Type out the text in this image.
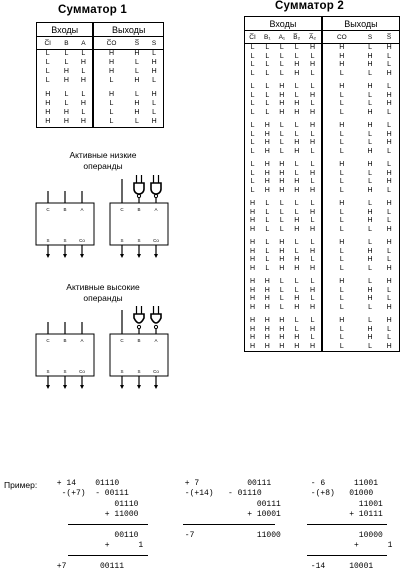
Сумматор 1
Входы			Выходы		
C̅I	B	A	C̅O	S̅	S
L	L	L	H	H	L
L	L	H	H	L	H
L	H	L	H	L	H
L	H	H	L	H	L
H	L	L	H	L	H
H	L	H	L	H	L
H	H	L	L	H	L
H	H	H	L	L	H
Активные низкие
операнды
C	B	A
S	S	Co
C	B	A
S	S	Co
Активные высокие
операнды
C	B	A
S	S	Co
C	B	A
S	S	Co
Сумматор 2
Входы					Выходы		
C̅I	B₁	A₁	B̅₂	A̅₂	CO	S	S̅
L	L	L	L	H	H	L	H
L	L	L	L	L	H	H	L
L	L	L	H	H	H	H	L
L	L	L	H	L	L	L	H
L	L	H	L	L	H	H	L
L	L	H	L	H	L	L	H
L	L	H	H	L	L	L	H
L	L	H	H	H	L	H	L
L	H	L	L	H	H	H	L
L	H	L	L	L	L	L	H
L	H	L	H	H	L	L	H
L	H	L	H	L	L	H	L
L	H	H	L	L	H	H	L
L	H	H	L	H	L	L	H
L	H	H	H	L	L	L	H
L	H	H	H	H	L	H	L
H	L	L	L	L	H	L	H
H	L	L	L	H	L	H	L
H	L	L	H	L	L	H	L
H	L	L	H	H	L	L	H
H	L	H	L	L	H	L	H
H	L	H	L	H	L	H	L
H	L	H	H	L	L	H	L
H	L	H	H	H	L	L	H
H	H	L	L	L	H	L	H
H	H	L	L	H	L	H	L
H	H	L	H	L	L	H	L
H	H	L	H	H	L	L	H
H	H	H	L	L	H	L	H
H	H	H	L	H	L	H	L
H	H	H	H	L	L	H	L
H	H	H	H	H	L	L	H
Пример: + 14    01110
-(+7)  - 00111
01110
+ 11000

00110
+      1

+7       00111
+ 7          00111
-(+14)   - 01110
00111
+ 10001

-7             11000
- 6      11001
-(+8)   01000
11001
+ 10111

10000
+      1

-14     10001
